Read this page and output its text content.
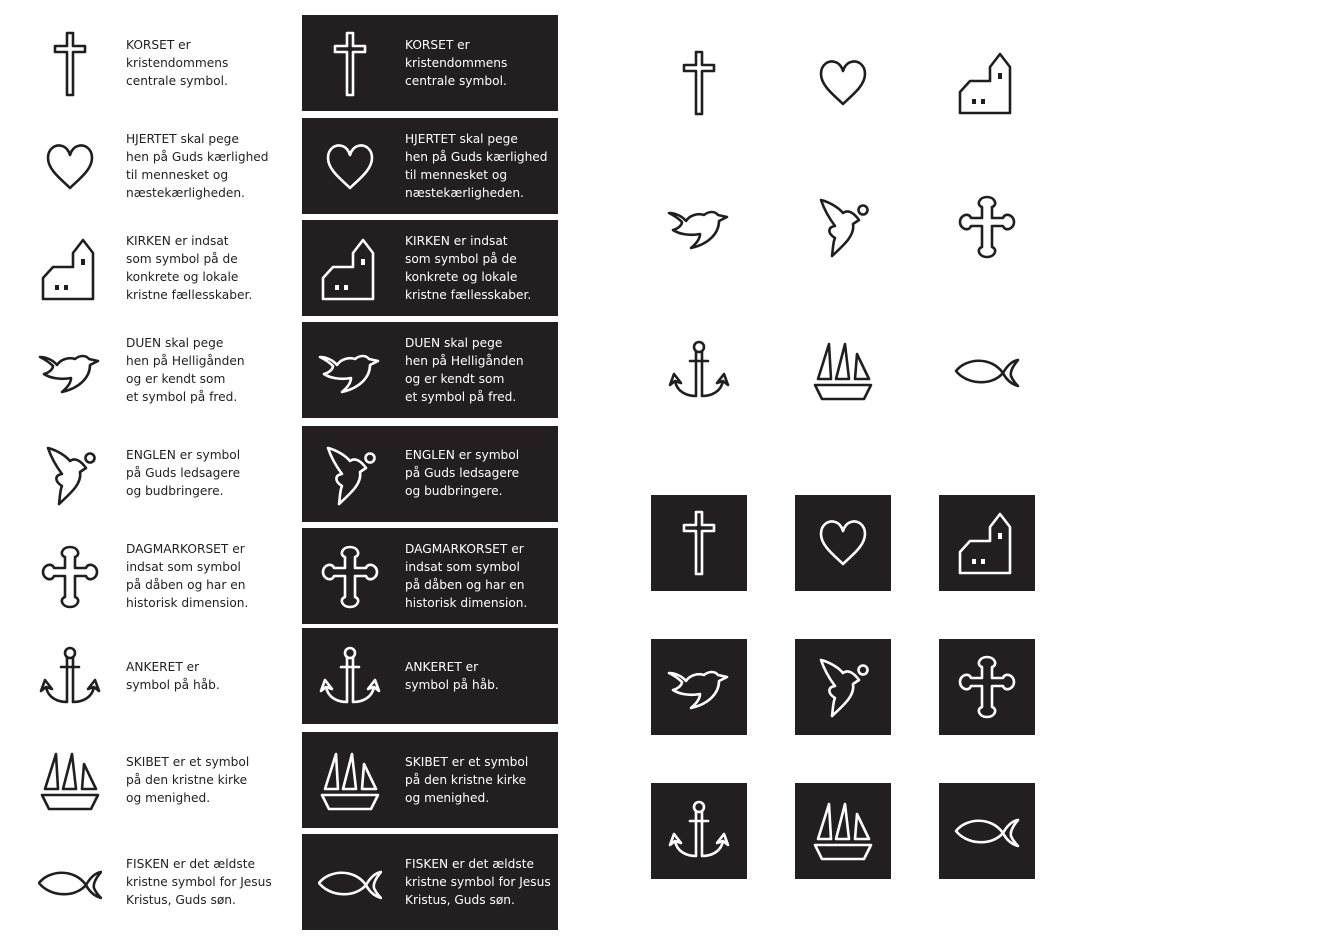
KORSET er
kristendommens
centrale symbol.
HJERTET skal pege
hen på Guds kærlighed
til mennesket og
næstekærligheden.
KIRKEN er indsat
som symbol på de
konkrete og lokale
kristne fællesskaber.
DUEN skal pege
hen på Helligånden
og er kendt som
et symbol på fred.
ENGLEN er symbol
på Guds ledsagere
og budbringere.
DAGMARKORSET er
indsat som symbol
på dåben og har en
historisk dimension.
ANKERET er
symbol på håb.
SKIBET er et symbol
på den kristne kirke
og menighed.
FISKEN er det ældste
kristne symbol for Jesus
Kristus, Guds søn.
KORSET er
kristendommens
centrale symbol.
HJERTET skal pege
hen på Guds kærlighed
til mennesket og
næstekærligheden.
KIRKEN er indsat
som symbol på de
konkrete og lokale
kristne fællesskaber.
DUEN skal pege
hen på Helligånden
og er kendt som
et symbol på fred.
ENGLEN er symbol
på Guds ledsagere
og budbringere.
DAGMARKORSET er
indsat som symbol
på dåben og har en
historisk dimension.
ANKERET er
symbol på håb.
SKIBET er et symbol
på den kristne kirke
og menighed.
FISKEN er det ældste
kristne symbol for Jesus
Kristus, Guds søn.
